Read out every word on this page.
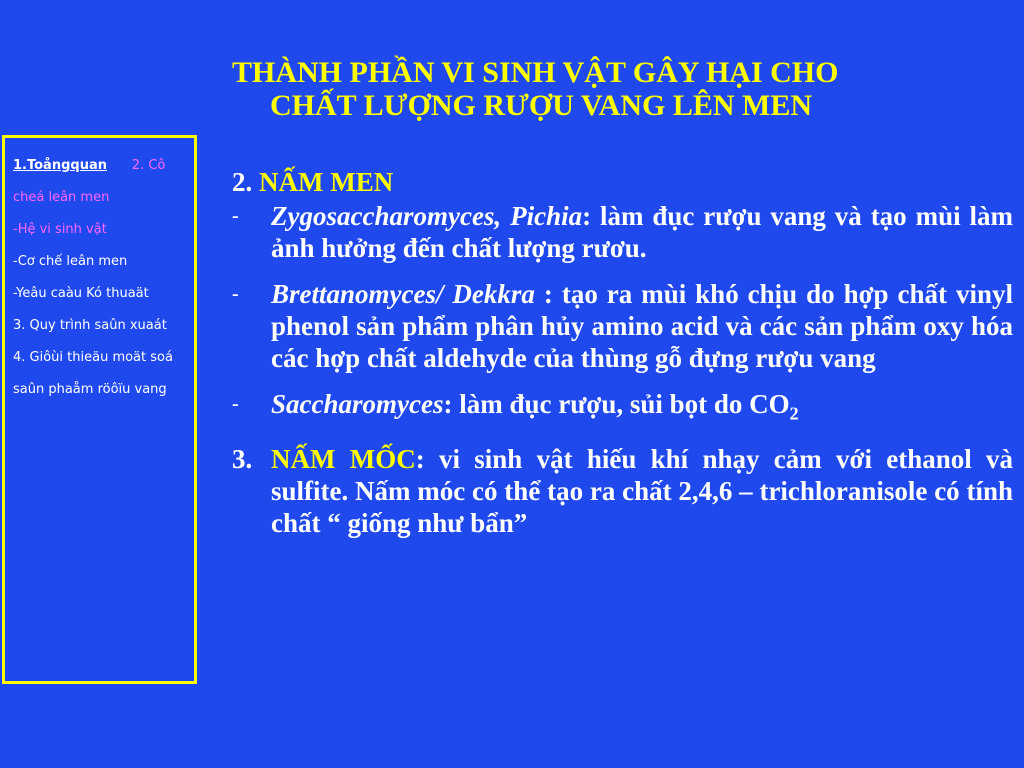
THÀNH PHẦN VI SINH VẬT GÂY HẠI CHO
CHẤT LƯỢNG RƯỢU VANG LÊN MEN
1.Toångquan 2. Cô
cheá leân men
-Hệ vi sinh vật
-Cơ chế leân men
-Yeâu caàu Kó thuaät
3. Quy trình saûn xuaát
4. Giôùi thieäu moät soá saûn phaåm röôïu vang
2. NẤM MEN
- Zygosaccharomyces, Pichia: làm đục rượu vang và tạo mùi làm ảnh hưởng đến chất lượng rươu.
- Brettanomyces/ Dekkra : tạo ra mùi khó chịu do hợp chất vinyl phenol sản phẩm phân hủy amino acid và các sản phẩm oxy hóa các hợp chất aldehyde của thùng gỗ đựng rượu vang
- Saccharomyces: làm đục rượu, sủi bọt do $CO_2$
3. NẤM MỐC: vi sinh vật hiếu khí nhạy cảm với ethanol và sulfite. Nấm móc có thể tạo ra chất 2,4,6 – trichloranisole có tính chất “ giống như bẩn”
